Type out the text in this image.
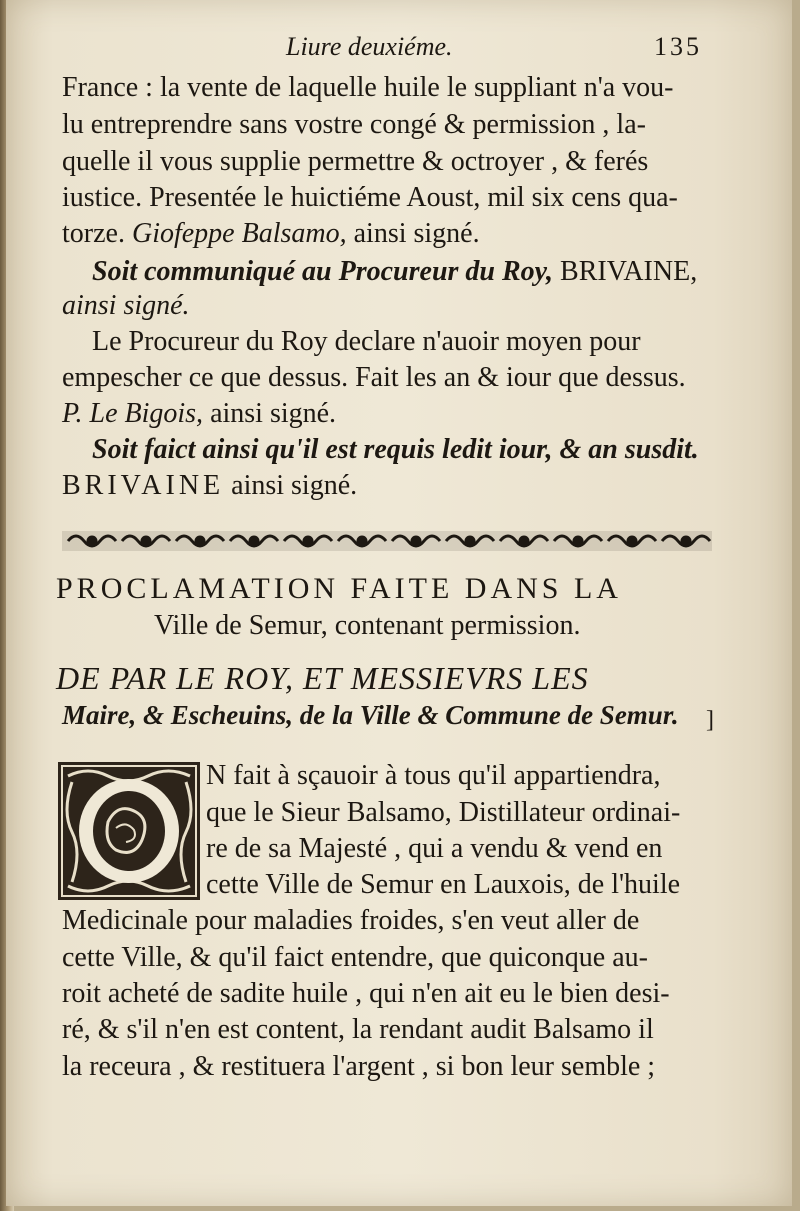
Liure deuxiéme.	135
France : la vente de laquelle huile le suppliant n'a vou-
lu entreprendre sans vostre congé & permission , la-
quelle il vous supplie permettre & octroyer , & ferés
iustice. Presentée le huictiéme Aoust, mil six cens qua-
torze. Giofeppe Balsamo, ainsi signé.
Soit communiqué au Procureur du Roy, BRIVAINE,
ainsi signé.
Le Procureur du Roy declare n'auoir moyen pour
empescher ce que dessus. Fait les an & iour que dessus.
P. Le Bigois, ainsi signé.
Soit faict ainsi qu'il est requis ledit iour, & an susdit.
BRIVAINE ainsi signé.
PROCLAMATION FAITE DANS LA
Ville de Semur, contenant permission.
DE PAR LE ROY, ET MESSIEVRS LES
Maire, & Escheuins, de la Ville & Commune de Semur. ]
N fait à sçauoir à tous qu'il appartiendra,
que le Sieur Balsamo, Distillateur ordinai-
re de sa Majesté , qui a vendu & vend en
cette Ville de Semur en Lauxois, de l'huile
Medicinale pour maladies froides, s'en veut aller de
cette Ville, & qu'il faict entendre, que quiconque au-
roit acheté de sadite huile , qui n'en ait eu le bien desi-
ré, & s'il n'en est content, la rendant audit Balsamo il
la receura , & restituera l'argent , si bon leur semble ;
